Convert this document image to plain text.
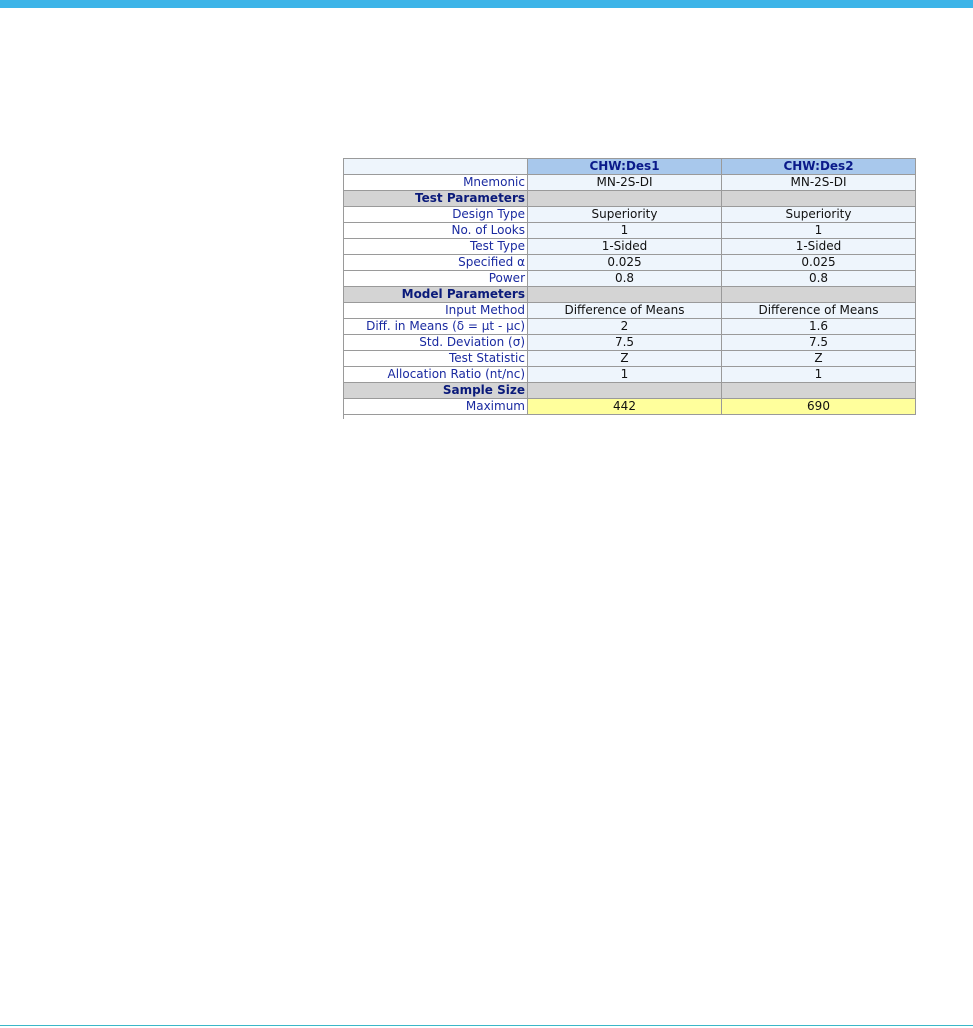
	CHW:Des1	CHW:Des2
Mnemonic	MN-2S-DI	MN-2S-DI
Test Parameters		
Design Type	Superiority	Superiority
No. of Looks	1	1
Test Type	1-Sided	1-Sided
Specified α	0.025	0.025
Power	0.8	0.8
Model Parameters		
Input Method	Difference of Means	Difference of Means
Diff. in Means (δ = μt - μc)	2	1.6
Std. Deviation (σ)	7.5	7.5
Test Statistic	Z	Z
Allocation Ratio (nt/nc)	1	1
Sample Size		
Maximum	442	690
